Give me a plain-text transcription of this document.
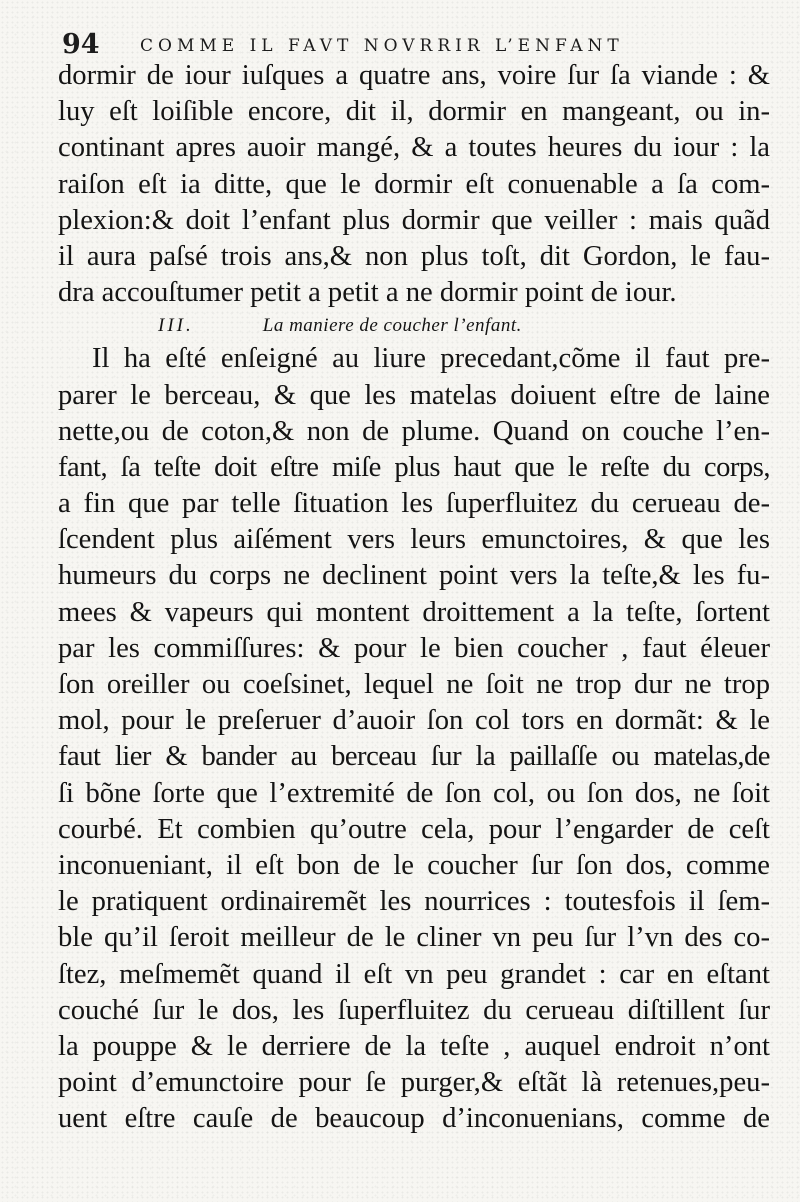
94 COMME IL FAVT NOVRRIR L’ENFANT
dormir de iour iuſques a quatre ans, voire ſur ſa viande : &
luy eſt loiſible encore, dit il, dormir en mangeant, ou in-
continant apres auoir mangé, & a toutes heures du iour : la
raiſon eſt ia ditte, que le dormir eſt conuenable a ſa com-
plexion:& doit l’enfant plus dormir que veiller : mais quãd
il aura paſsé trois ans,& non plus toſt, dit Gordon, le fau-
dra accouſtumer petit a petit a ne dormir point de iour.
III.	La maniere de coucher l’enfant.
Il ha eſté enſeigné au liure precedant,cõme il faut pre-
parer le berceau, & que les matelas doiuent eſtre de laine
nette,ou de coton,& non de plume. Quand on couche l’en-
fant, ſa teſte doit eſtre miſe plus haut que le reſte du corps,
a fin que par telle ſituation les ſuperfluitez du cerueau de-
ſcendent plus aiſément vers leurs emunctoires, & que les
humeurs du corps ne declinent point vers la teſte,& les fu-
mees & vapeurs qui montent droittement a la teſte, ſortent
par les commiſſures: & pour le bien coucher , faut éleuer
ſon oreiller ou coeſsinet, lequel ne ſoit ne trop dur ne trop
mol, pour le preſeruer d’auoir ſon col tors en dormãt: & le
faut lier & bander au berceau ſur la paillaſſe ou matelas,de
ſi bõne ſorte que l’extremité de ſon col, ou ſon dos, ne ſoit
courbé. Et combien qu’outre cela, pour l’engarder de ceſt
inconueniant, il eſt bon de le coucher ſur ſon dos, comme
le pratiquent ordinairemẽt les nourrices : toutesfois il ſem-
ble qu’il ſeroit meilleur de le cliner vn peu ſur l’vn des co-
ſtez, meſmemẽt quand il eſt vn peu grandet : car en eſtant
couché ſur le dos, les ſuperfluitez du cerueau diſtillent ſur
la pouppe & le derriere de la teſte , auquel endroit n’ont
point d’emunctoire pour ſe purger,& eſtãt là retenues,peu-
uent eſtre cauſe de beaucoup d’inconuenians, comme de
